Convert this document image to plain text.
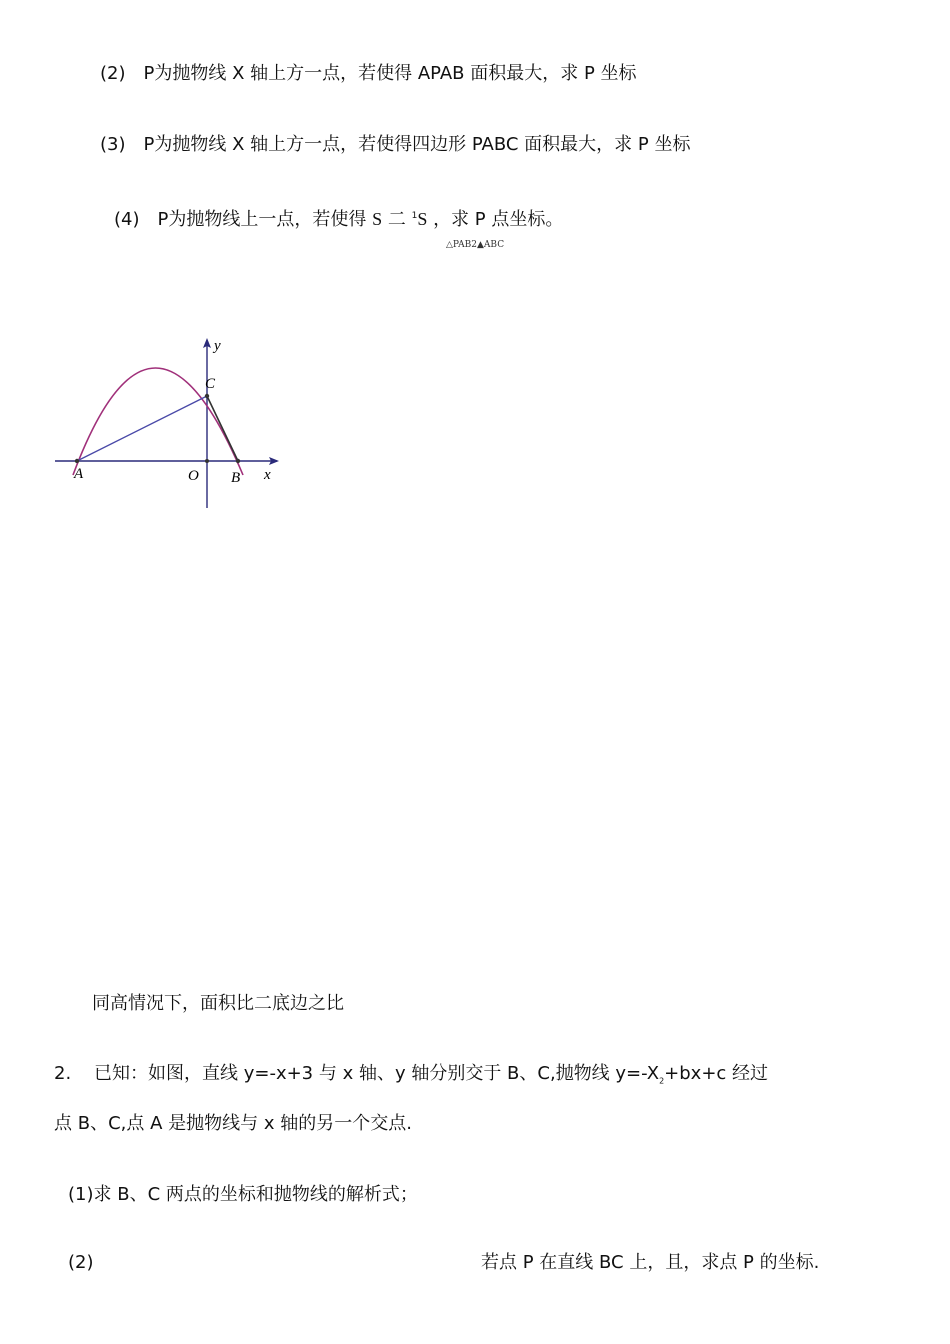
(2)　P为抛物线 X 轴上方一点，若使得 APAB 面积最大，求 P 坐标
(3)　P为抛物线 X 轴上方一点，若使得四边形 PABC 面积最大，求 P 坐标
(4)　P为抛物线上一点，若使得 S 二 $^1$S ，求 P 点坐标。
△PAB2▲ABC
y
C
A	O B x
同高情况下，面积比二底边之比
2. 已知：如图，直线 y=-x+3 与 x 轴、y 轴分别交于 B、C,抛物线 $y=-X_2+bx+c$ 经过
点 B、C,点 A 是抛物线与 x 轴的另一个交点.
(1)求 B、C 两点的坐标和抛物线的解析式；
(2)	若点 P 在直线 BC 上，且，求点 P 的坐标.
